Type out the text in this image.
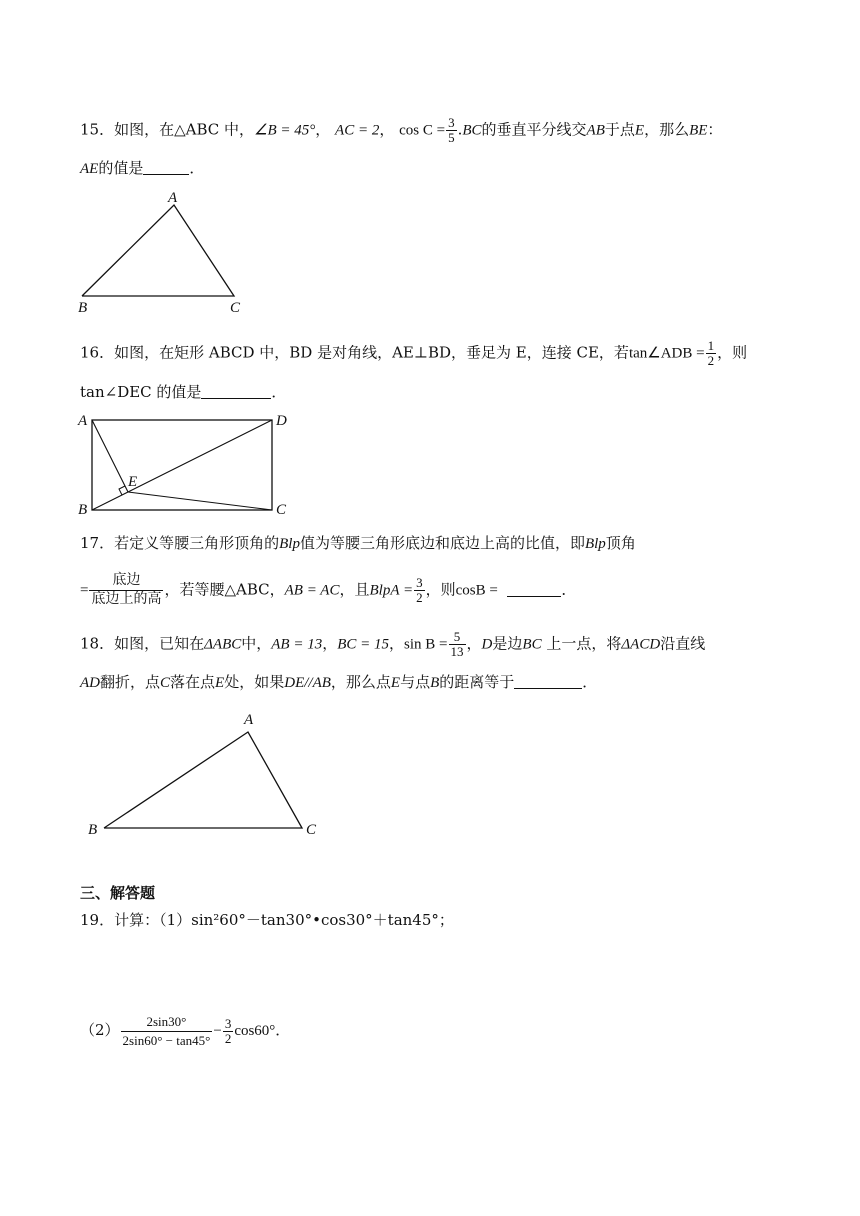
15．如图，在△ABC 中，∠B = 45°， AC = 2， $\cos C = \frac{3}{5} .BC$的垂直平分线交AB于点E，那么BE：
AE的值是	．
A
B	C
16．如图，在矩形 ABCD 中，BD 是对角线，AE⊥BD，垂足为 E，连接 CE，若tan∠ADB = $\frac{1}{2}$ ，则
tan∠DEC 的值是	．
A	D
B	C
E
17．若定义等腰三角形顶角的Blp值为等腰三角形底边和底边上高的比值，即Blp顶角
= $\frac{\text{底边}}{\text{底边上的高}}$ ，若等腰△ABC，AB = AC，且BlpA = $\frac{3}{2}$ ，则cosB =	．
18．如图，已知在ΔABC中，AB = 13，BC = 15，$\sin B = \frac{5}{13}$ ，D是边BC 上一点，将ΔACD沿直线
AD翻折，点C落在点E处，如果DE//AB，那么点E与点B的距离等于	．
A
B	C
三、解答题
19．计算：（1）sin²60°－tan30°•cos30°＋tan45°；
$(2) \frac{2\sin 30^\circ}{2\sin 60^\circ - \tan 45^\circ} - \frac{3}{2} \cos 60^\circ$．
